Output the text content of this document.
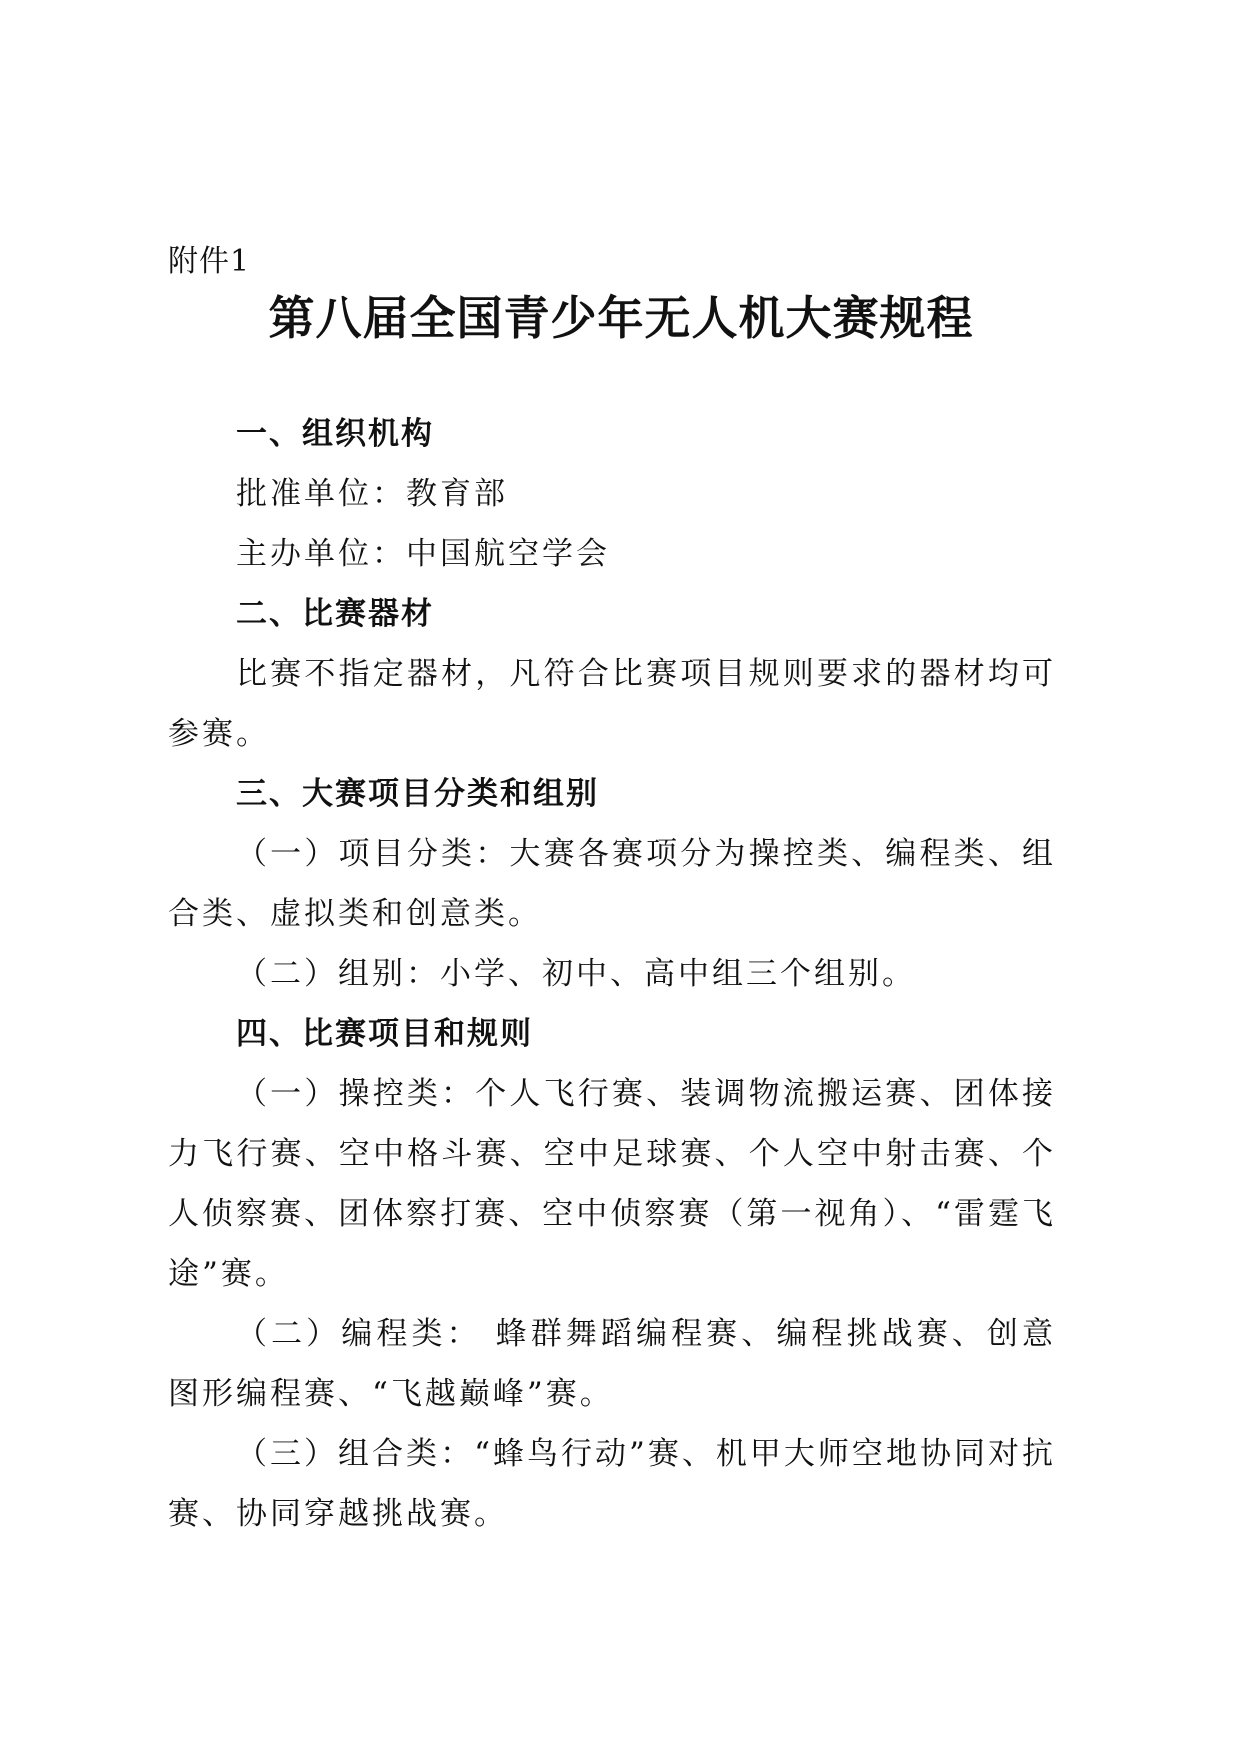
附件1
第八届全国青少年无人机大赛规程

一、组织机构

批准单位：教育部

主办单位：中国航空学会

二、比赛器材

比赛不指定器材，凡符合比赛项目规则要求的器材均可参赛。

三、大赛项目分类和组别

（一）项目分类：大赛各赛项分为操控类、编程类、组合类、虚拟类和创意类。

（二）组别：小学、初中、高中组三个组别。

四、比赛项目和规则

（一）操控类：个人飞行赛、装调物流搬运赛、团体接力飞行赛、空中格斗赛、空中足球赛、个人空中射击赛、个人侦察赛、团体察打赛、空中侦察赛（第一视角）、“雷霆飞途”赛。

（二）编程类： 蜂群舞蹈编程赛、编程挑战赛、创意图形编程赛、“飞越巅峰”赛。

（三）组合类：“蜂鸟行动”赛、机甲大师空地协同对抗赛、协同穿越挑战赛。
